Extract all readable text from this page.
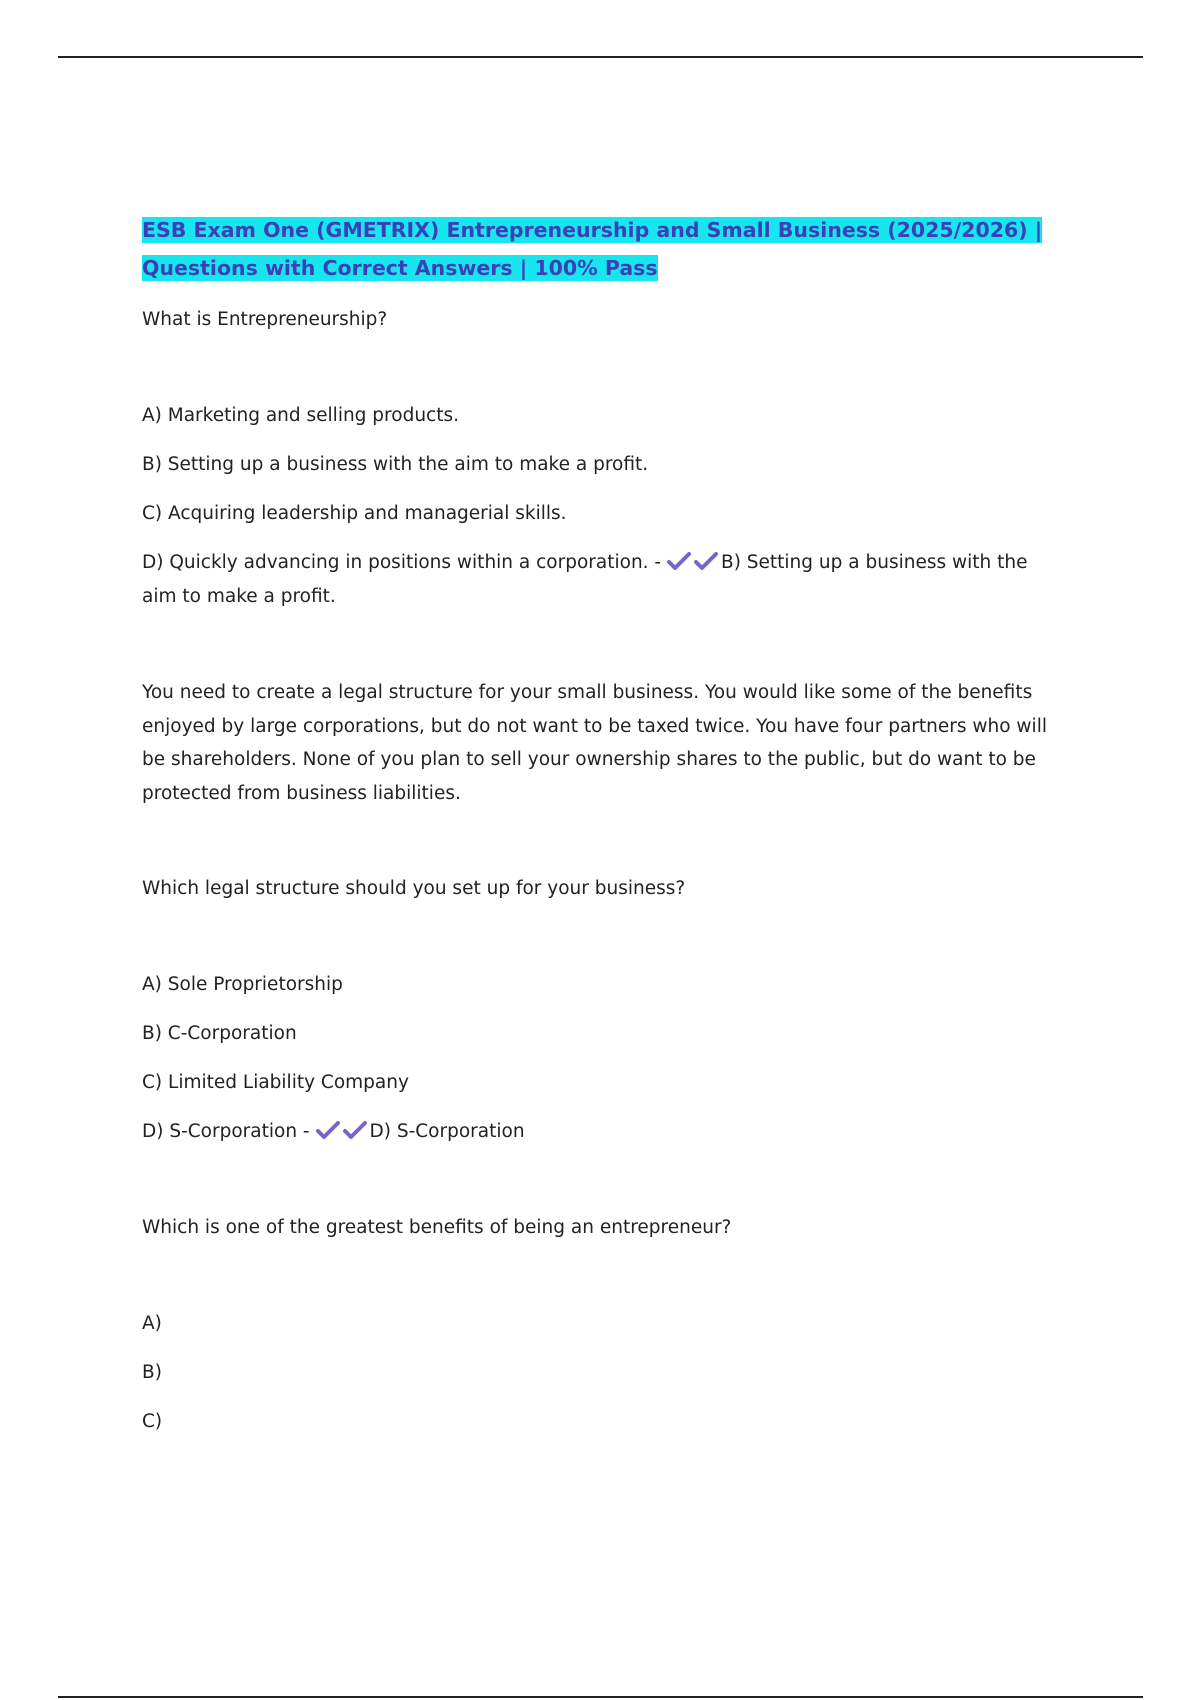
ESB Exam One (GMETRIX) Entrepreneurship and Small Business (2025/2026) |
Questions with Correct Answers | 100% Pass

What is Entrepreneurship?

A) Marketing and selling products.

B) Setting up a business with the aim to make a profit.

C) Acquiring leadership and managerial skills.

D) Quickly advancing in positions within a corporation. -	B) Setting up a business with the aim to make a profit.

You need to create a legal structure for your small business. You would like some of the benefits enjoyed by large corporations, but do not want to be taxed twice. You have four partners who will be shareholders. None of you plan to sell your ownership shares to the public, but do want to be protected from business liabilities.

Which legal structure should you set up for your business?

A) Sole Proprietorship

B) C-Corporation

C) Limited Liability Company

D) S-Corporation -	D) S-Corporation

Which is one of the greatest benefits of being an entrepreneur?

A)

B)

C)
